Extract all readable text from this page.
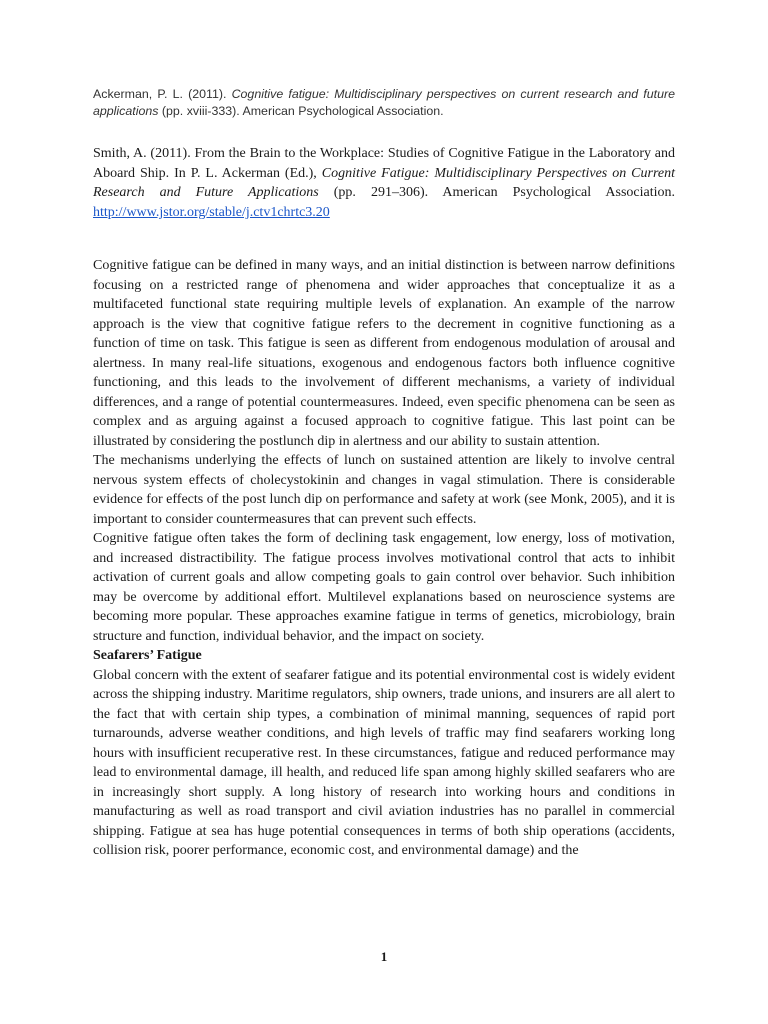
Ackerman, P. L. (2011). Cognitive fatigue: Multidisciplinary perspectives on current research and future applications (pp. xviii-333). American Psychological Association.

Smith, A. (2011). From the Brain to the Workplace: Studies of Cognitive Fatigue in the Laboratory and Aboard Ship. In P. L. Ackerman (Ed.), Cognitive Fatigue: Multidisciplinary Perspectives on Current Research and Future Applications (pp. 291–306). American Psychological Association. http://www.jstor.org/stable/j.ctv1chrtc3.20

Cognitive fatigue can be defined in many ways, and an initial distinction is between narrow definitions focusing on a restricted range of phenomena and wider approaches that conceptualize it as a multifaceted functional state requiring multiple levels of explanation. An example of the narrow approach is the view that cognitive fatigue refers to the decrement in cognitive functioning as a function of time on task. This fatigue is seen as different from endogenous modulation of arousal and alertness. In many real-life situations, exogenous and endogenous factors both influence cognitive functioning, and this leads to the involvement of different mechanisms, a variety of individual differences, and a range of potential countermeasures. Indeed, even specific phenomena can be seen as complex and as arguing against a focused approach to cognitive fatigue. This last point can be illustrated by considering the postlunch dip in alertness and our ability to sustain attention.

The mechanisms underlying the effects of lunch on sustained attention are likely to involve central nervous system effects of cholecystokinin and changes in vagal stimulation. There is considerable evidence for effects of the post lunch dip on performance and safety at work (see Monk, 2005), and it is important to consider countermeasures that can prevent such effects.

Cognitive fatigue often takes the form of declining task engagement, low energy, loss of motivation, and increased distractibility. The fatigue process involves motivational control that acts to inhibit activation of current goals and allow competing goals to gain control over behavior. Such inhibition may be overcome by additional effort. Multilevel explanations based on neuroscience systems are becoming more popular. These approaches examine fatigue in terms of genetics, microbiology, brain structure and function, individual behavior, and the impact on society.

Seafarers’ Fatigue

Global concern with the extent of seafarer fatigue and its potential environmental cost is widely evident across the shipping industry. Maritime regulators, ship owners, trade unions, and insurers are all alert to the fact that with certain ship types, a combination of minimal manning, sequences of rapid port turnarounds, adverse weather conditions, and high levels of traffic may find seafarers working long hours with insufficient recuperative rest. In these circumstances, fatigue and reduced performance may lead to environmental damage, ill health, and reduced life span among highly skilled seafarers who are in increasingly short supply. A long history of research into working hours and conditions in manufacturing as well as road transport and civil aviation industries has no parallel in commercial shipping. Fatigue at sea has huge potential consequences in terms of both ship operations (accidents, collision risk, poorer performance, economic cost, and environmental damage) and the

1
